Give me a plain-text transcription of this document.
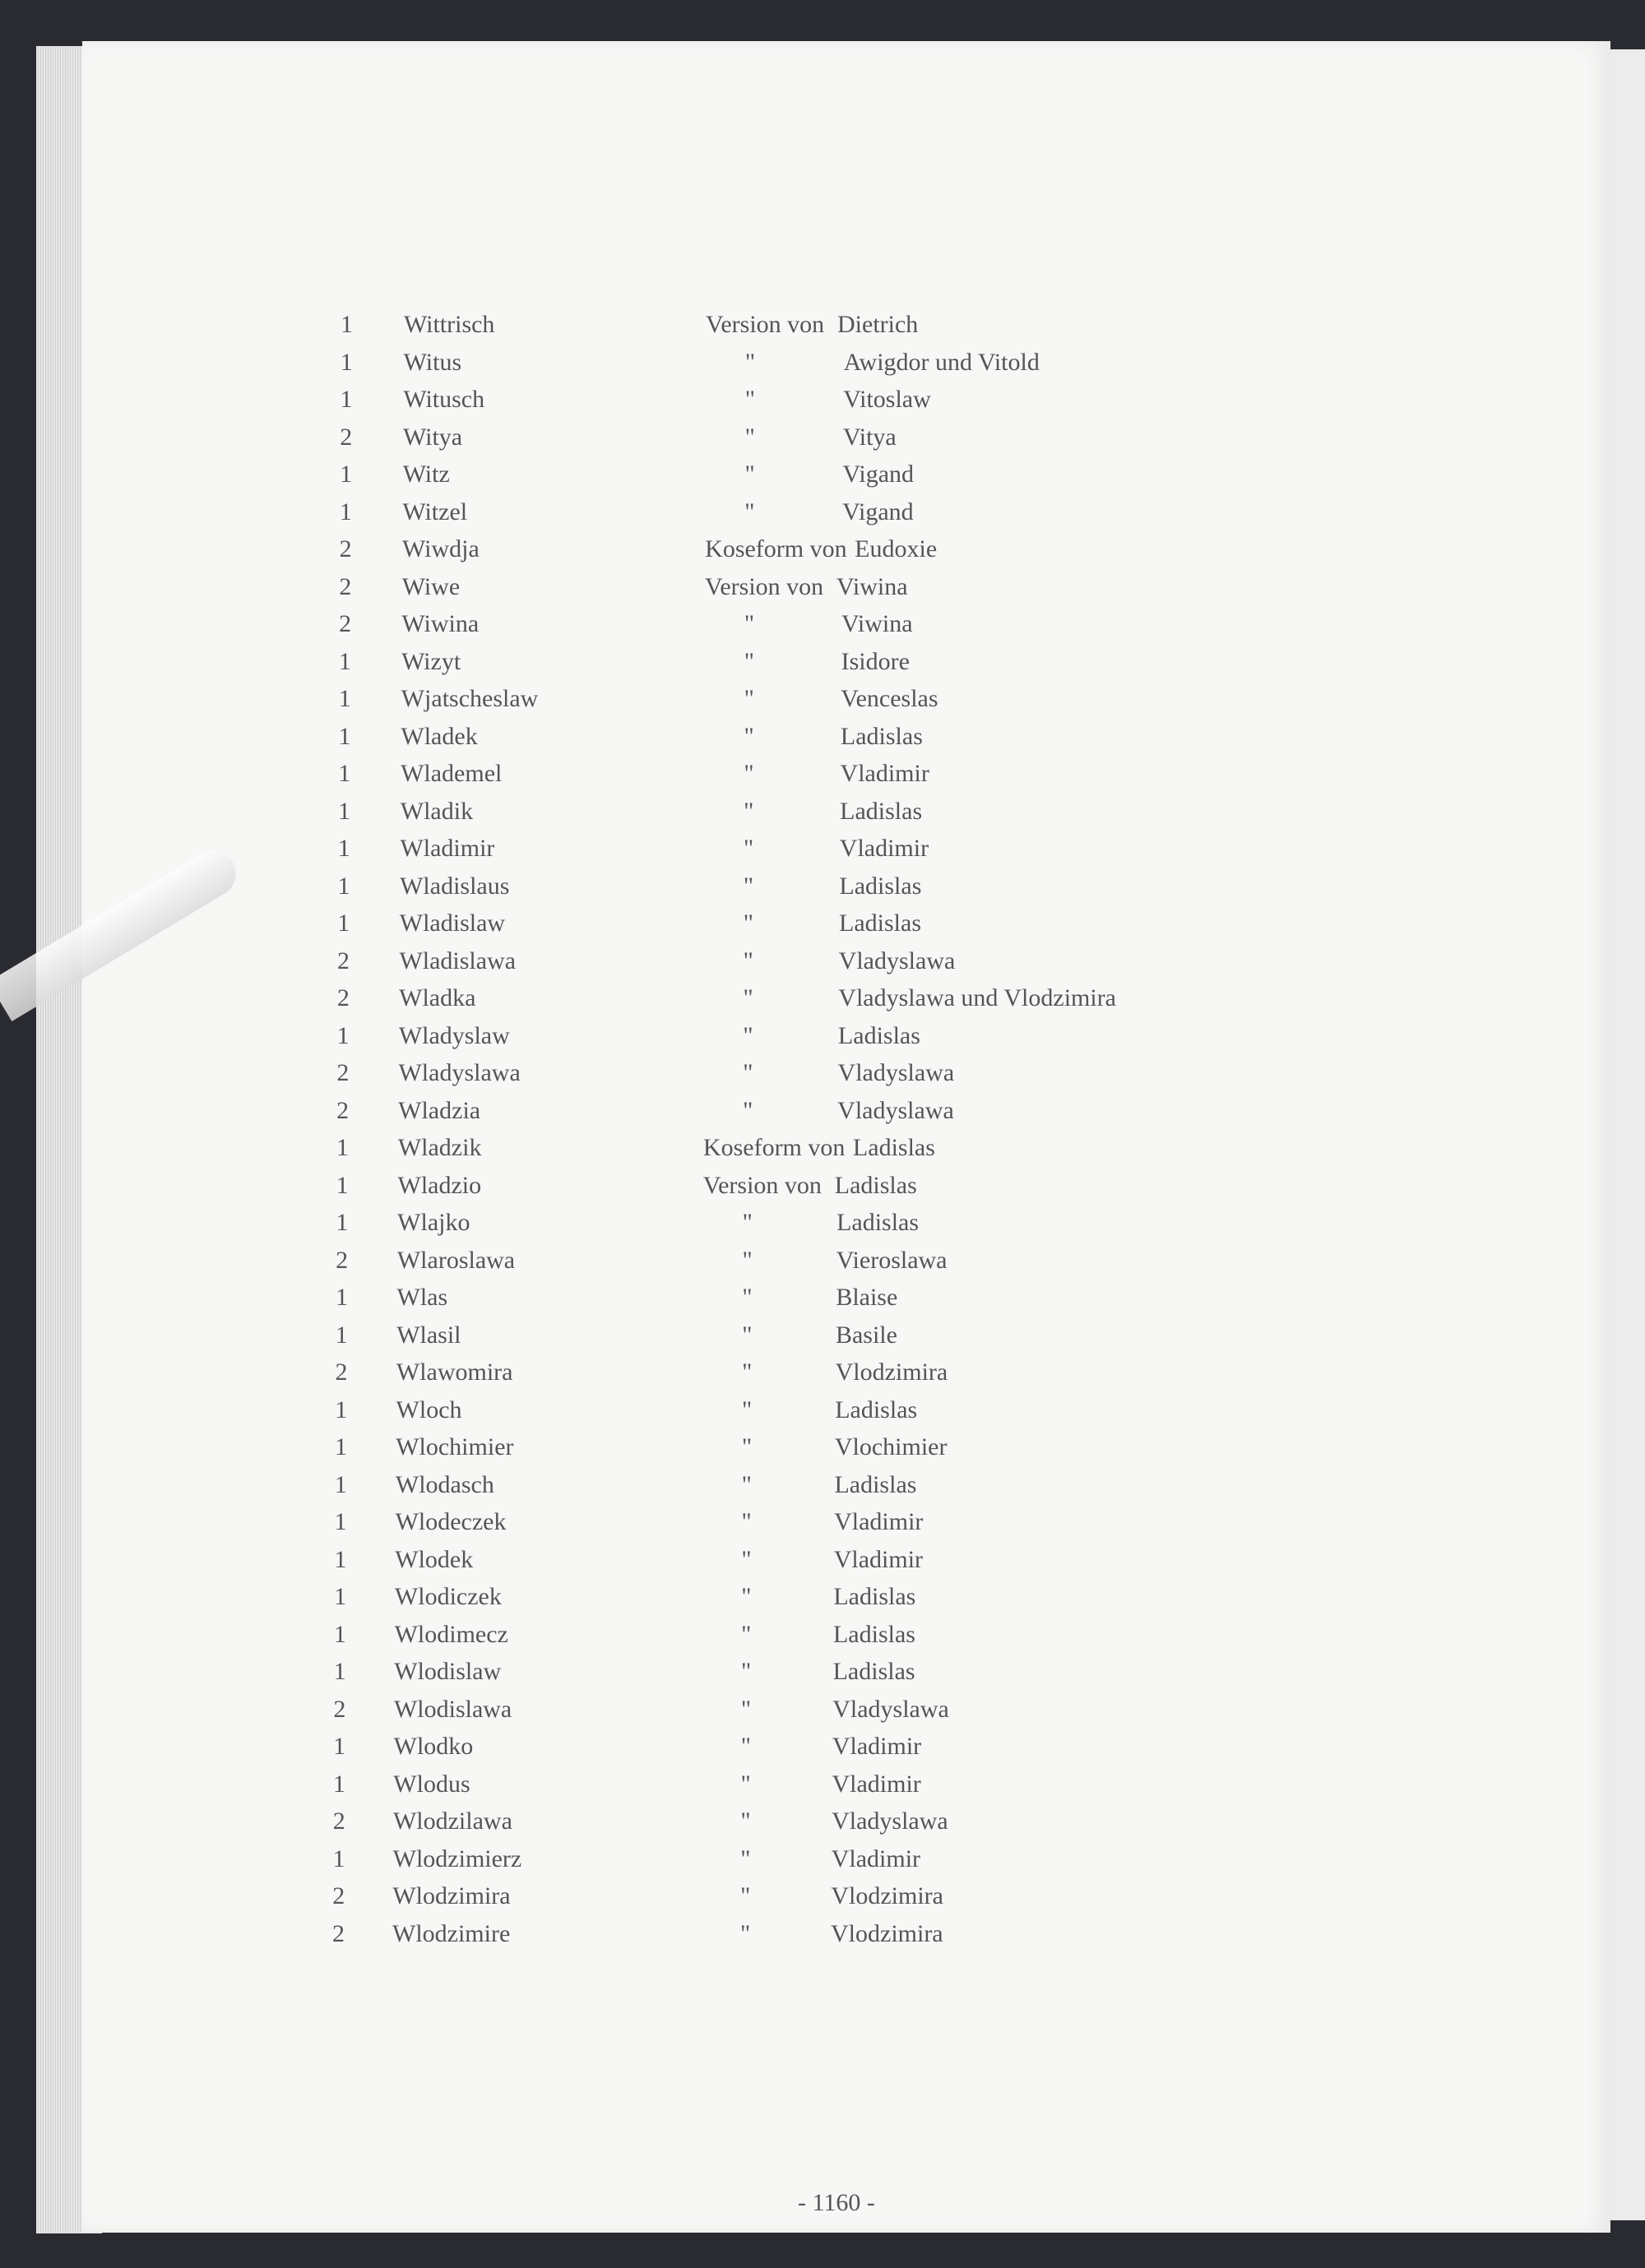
1 Wittrisch	Version von Dietrich
1 Witus	"	Awigdor und Vitold
1 Witusch	"	Vitoslaw
2 Witya	"	Vitya
1 Witz	"	Vigand
1 Witzel	"	Vigand
2 Wiwdja	Koseform von Eudoxie
2 Wiwe	Version von Viwina
2 Wiwina	"	Viwina
1 Wizyt	"	Isidore
1 Wjatscheslaw	"	Venceslas
1 Wladek	"	Ladislas
1 Wlademel	"	Vladimir
1 Wladik	"	Ladislas
1 Wladimir	"	Vladimir
1 Wladislaus	"	Ladislas
1 Wladislaw	"	Ladislas
2 Wladislawa	"	Vladyslawa
2 Wladka	"	Vladyslawa und Vlodzimira
1 Wladyslaw	"	Ladislas
2 Wladyslawa	"	Vladyslawa
2 Wladzia	"	Vladyslawa
1 Wladzik	Koseform von Ladislas
1 Wladzio	Version von Ladislas
1 Wlajko	"	Ladislas
2 Wlaroslawa	"	Vieroslawa
1 Wlas	"	Blaise
1 Wlasil	"	Basile
2 Wlawomira	"	Vlodzimira
1 Wloch	"	Ladislas
1 Wlochimier	"	Vlochimier
1 Wlodasch	"	Ladislas
1 Wlodeczek	"	Vladimir
1 Wlodek	"	Vladimir
1 Wlodiczek	"	Ladislas
1 Wlodimecz	"	Ladislas
1 Wlodislaw	"	Ladislas
2 Wlodislawa	"	Vladyslawa
1 Wlodko	"	Vladimir
1 Wlodus	"	Vladimir
2 Wlodzilawa	"	Vladyslawa
1 Wlodzimierz	"	Vladimir
2 Wlodzimira	"	Vlodzimira
2 Wlodzimire	"	Vlodzimira
- 1160 -
